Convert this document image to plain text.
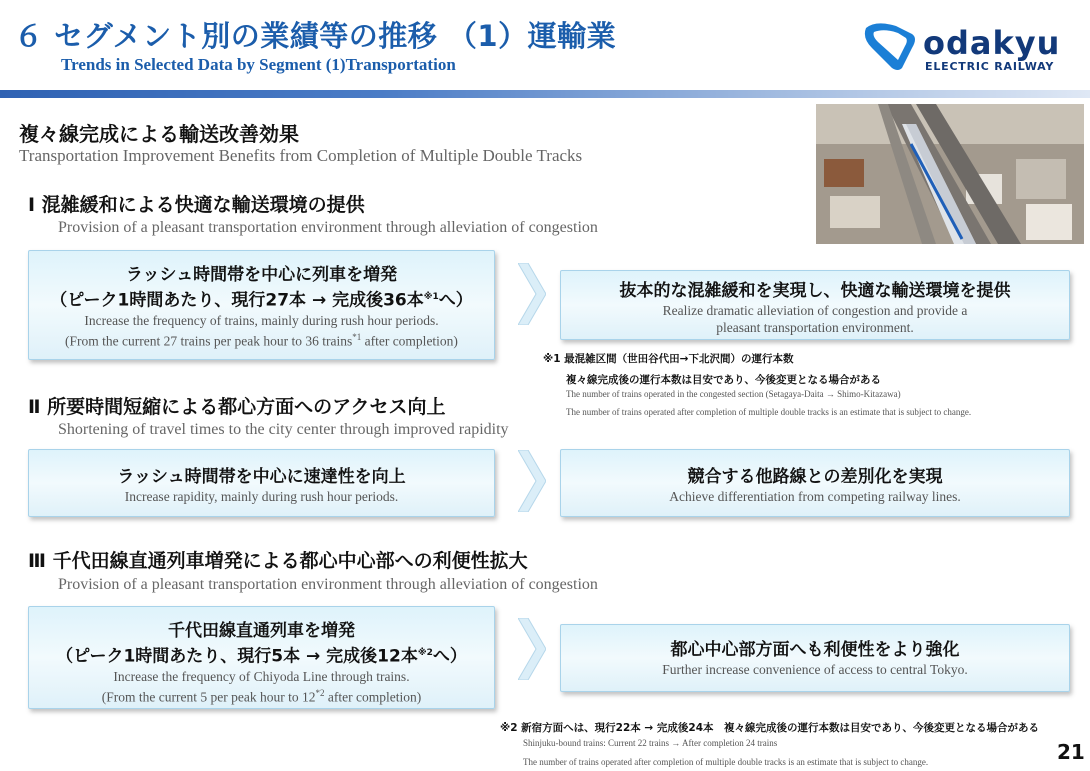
６ セグメント別の業績等の推移 （1）運輸業
Trends in Selected Data by Segment (1)Transportation
odakyu
ELECTRIC RAILWAY
複々線完成による輸送改善効果
Transportation Improvement Benefits from Completion of Multiple Double Tracks
Ⅰ 混雑緩和による快適な輸送環境の提供
Provision of a pleasant transportation environment through alleviation of congestion
ラッシュ時間帯を中心に列車を増発
（ピーク1時間あたり、現行27本 → 完成後36本$^{※1}$へ）
Increase the frequency of trains, mainly during rush hour periods.
(From the current 27 trains per peak hour to 36 trains$^{*1}$ after completion)
抜本的な混雑緩和を実現し、快適な輸送環境を提供
Realize dramatic alleviation of congestion and provide a
pleasant transportation environment.
※1 最混雑区間（世田谷代田→下北沢間）の運行本数
複々線完成後の運行本数は目安であり、今後変更となる場合がある
The number of trains operated in the congested section (Setagaya-Daita → Shimo-Kitazawa)
The number of trains operated after completion of multiple double tracks is an estimate that is subject to change.
Ⅱ 所要時間短縮による都心方面へのアクセス向上
Shortening of travel times to the city center through improved rapidity
ラッシュ時間帯を中心に速達性を向上
Increase rapidity, mainly during rush hour periods.
競合する他路線との差別化を実現
Achieve differentiation from competing railway lines.
Ⅲ 千代田線直通列車増発による都心中心部への利便性拡大
Provision of a pleasant transportation environment through alleviation of congestion
千代田線直通列車を増発
（ピーク1時間あたり、現行5本 → 完成後12本$^{※2}$へ）
Increase the frequency of Chiyoda Line through trains.
(From the current 5 per peak hour to 12$^{*2}$ after completion)
都心中心部方面へも利便性をより強化
Further increase convenience of access to central Tokyo.
※2 新宿方面へは、現行22本 → 完成後24本　複々線完成後の運行本数は目安であり、今後変更となる場合がある
Shinjuku-bound trains: Current 22 trains → After completion 24 trains
The number of trains operated after completion of multiple double tracks is an estimate that is subject to change.	21
